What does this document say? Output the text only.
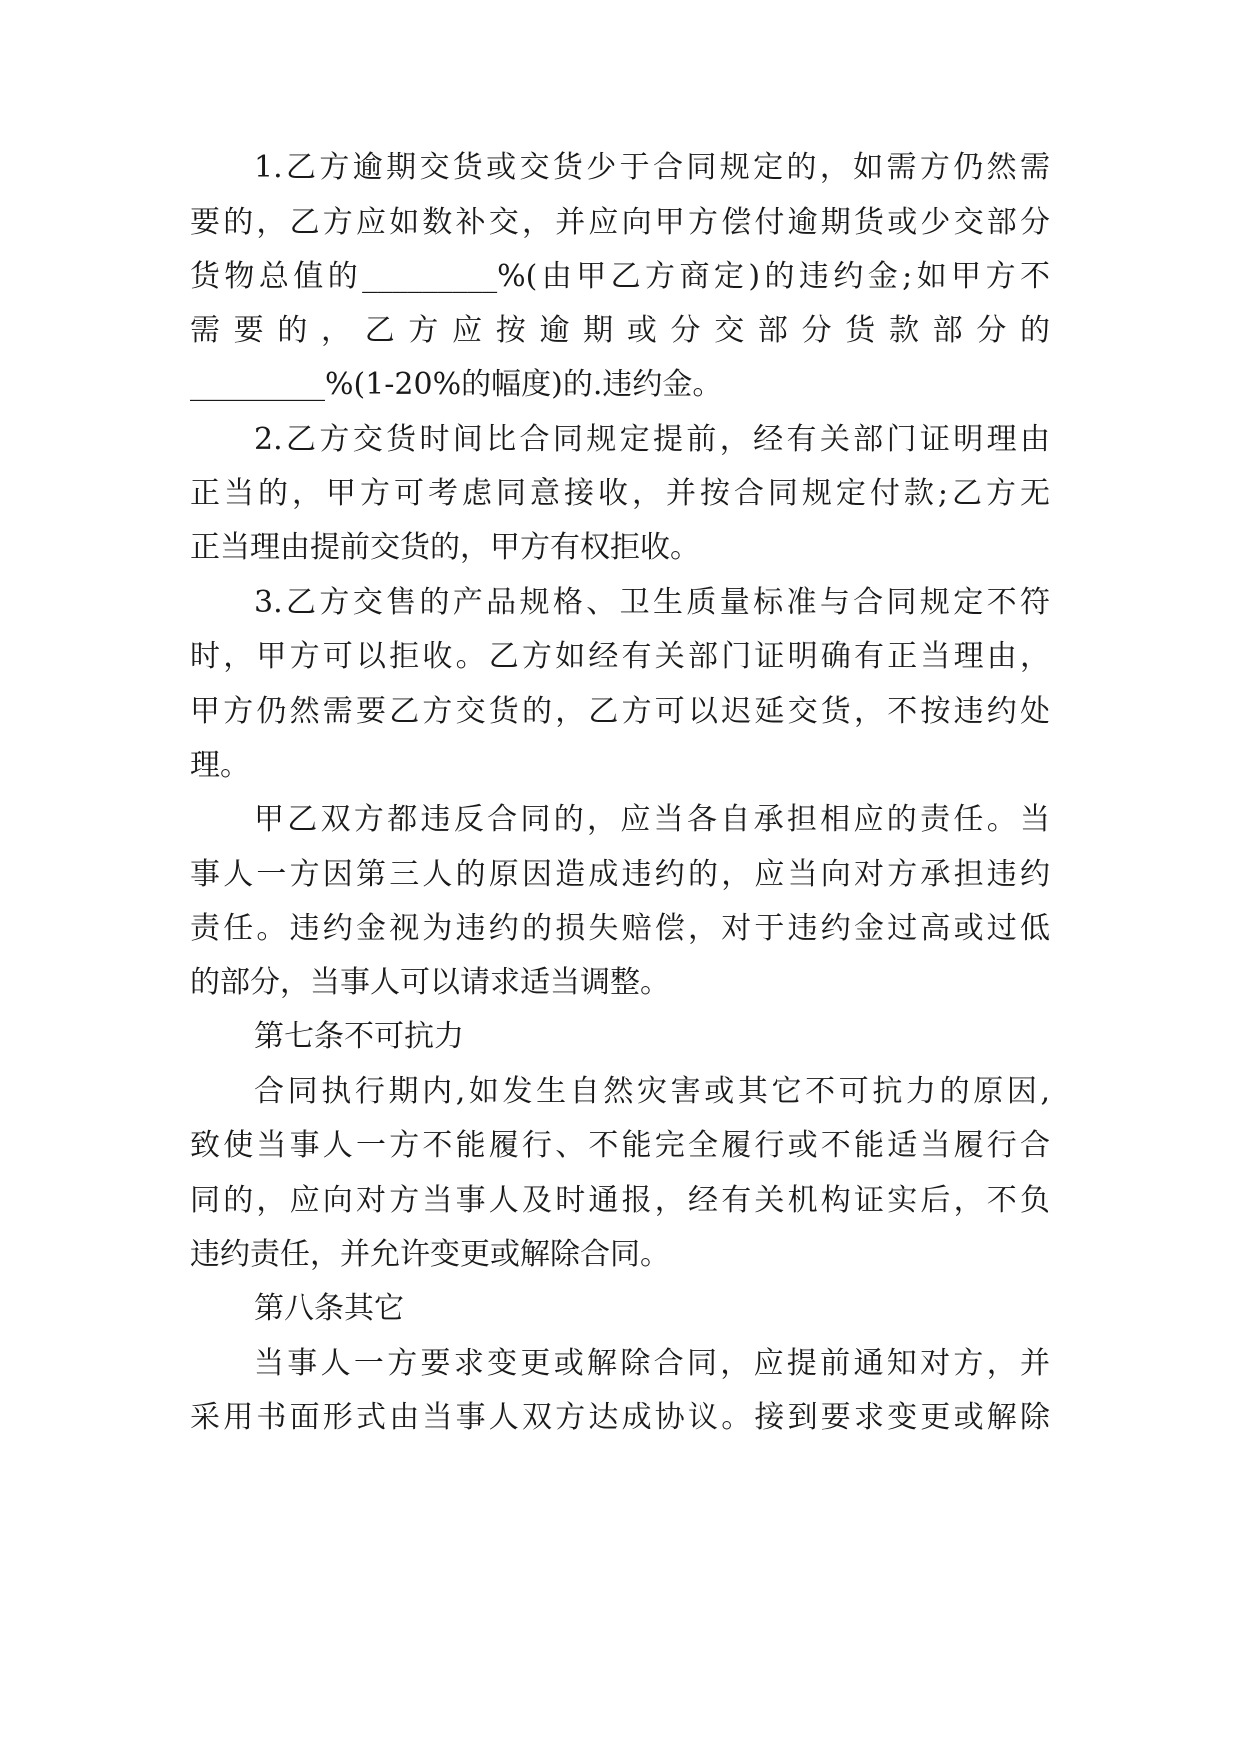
1.乙方逾期交货或交货少于合同规定的，如需方仍然需
要的，乙方应如数补交，并应向甲方偿付逾期货或少交部分
货物总值的_________%(由甲乙方商定)的违约金;如甲方不
需要的，乙方应按逾期或分交部分货款部分的
_________%(1-20%的幅度)的.违约金。
2.乙方交货时间比合同规定提前，经有关部门证明理由
正当的，甲方可考虑同意接收，并按合同规定付款;乙方无
正当理由提前交货的，甲方有权拒收。
3.乙方交售的产品规格、卫生质量标准与合同规定不符
时，甲方可以拒收。乙方如经有关部门证明确有正当理由，
甲方仍然需要乙方交货的，乙方可以迟延交货，不按违约处
理。
甲乙双方都违反合同的，应当各自承担相应的责任。当
事人一方因第三人的原因造成违约的，应当向对方承担违约
责任。违约金视为违约的损失赔偿，对于违约金过高或过低
的部分，当事人可以请求适当调整。
第七条不可抗力
合同执行期内,如发生自然灾害或其它不可抗力的原因,
致使当事人一方不能履行、不能完全履行或不能适当履行合
同的，应向对方当事人及时通报，经有关机构证实后，不负
违约责任，并允许变更或解除合同。
第八条其它
当事人一方要求变更或解除合同，应提前通知对方，并
采用书面形式由当事人双方达成协议。接到要求变更或解除
